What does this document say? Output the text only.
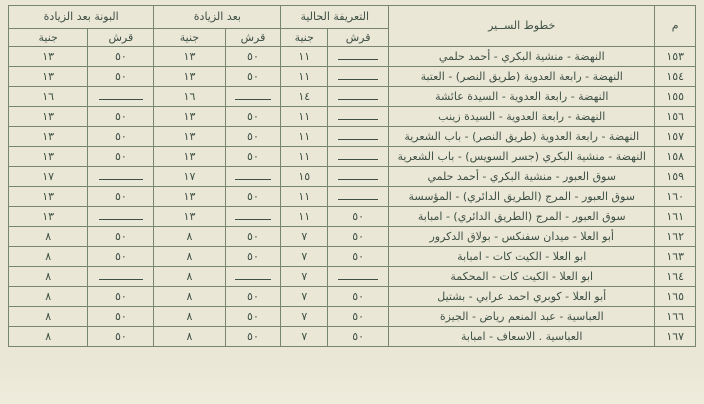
م	خطوط الســير	التعريفة الحالية		بعد الزيادة		البونة بعد الزيادة	
		قرش	جنية	قرش	جنية	قرش	جنية
١٥٣	النهضة - منشية البكري - أحمد حلمي		١١	٥٠	١٣	٥٠	١٣
١٥٤	النهضة - رابعة العدوية (طريق النصر) - العتبة		١١	٥٠	١٣	٥٠	١٣
١٥٥	النهضة - رابعة العدوية - السيدة عائشة		١٤		١٦		١٦
١٥٦	النهضة - رابعة العدوية - السيدة زينب		١١	٥٠	١٣	٥٠	١٣
١٥٧	النهضة - رابعة العدوية (طريق النصر) - باب الشعرية		١١	٥٠	١٣	٥٠	١٣
١٥٨	النهضة - منشية البكري (جسر السويس) - باب الشعرية		١١	٥٠	١٣	٥٠	١٣
١٥٩	سوق العبور - منشية البكري - أحمد حلمي		١٥		١٧		١٧
١٦٠	سوق العبور - المرج (الطريق الدائري) - المؤسسة		١١	٥٠	١٣	٥٠	١٣
١٦١	سوق العبور - المرج (الطريق الدائري) - امبابة	٥٠	١١		١٣		١٣
١٦٢	أبو العلا - ميدان سفنكس - بولاق الدكرور	٥٠	٧	٥٠	٨	٥٠	٨
١٦٣	ابو العلا - الكيت كات - امبابة	٥٠	٧	٥٠	٨	٥٠	٨
١٦٤	ابو العلا - الكيت كات - المحكمة		٧		٨		٨
١٦٥	أبو العلا - كوبري احمد عرابي - بشتيل	٥٠	٧	٥٠	٨	٥٠	٨
١٦٦	العباسية - عبد المنعم رياض - الجيزة	٥٠	٧	٥٠	٨	٥٠	٨
١٦٧	العباسية . الاسعاف - امبابة	٥٠	٧	٥٠	٨	٥٠	٨
